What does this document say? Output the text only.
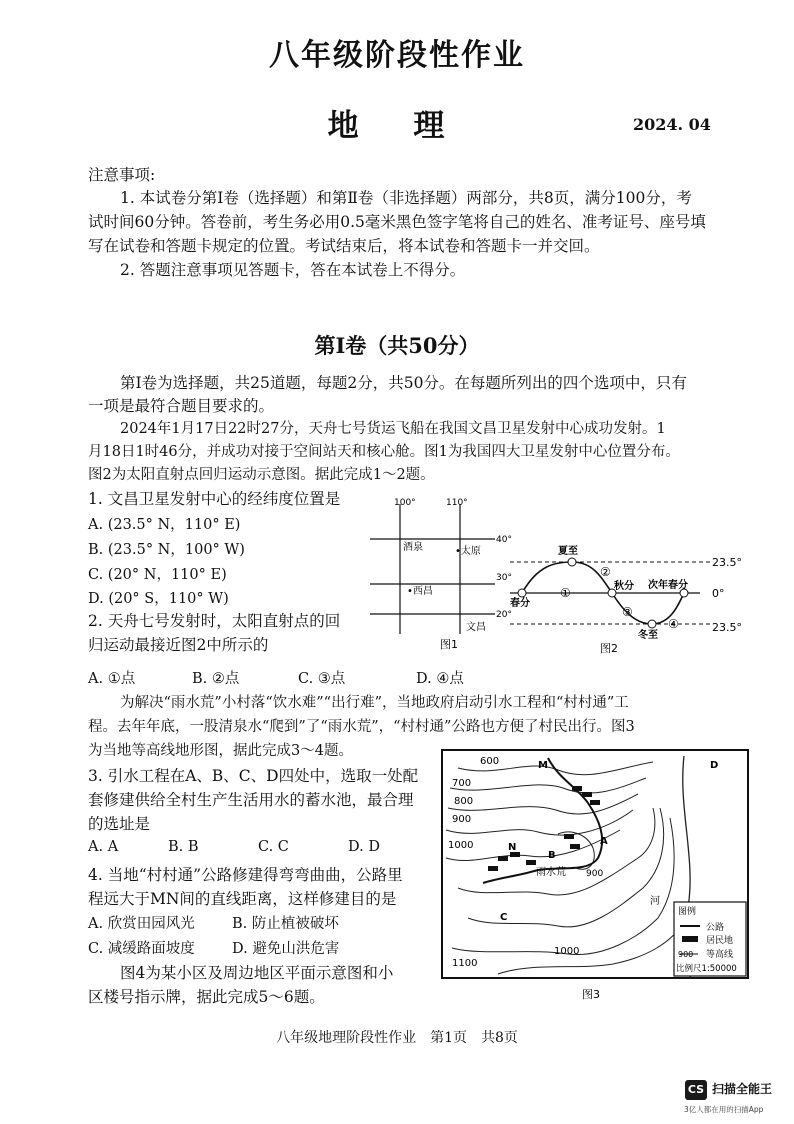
八年级阶段性作业
地 理	2024. 04
注意事项:
1. 本试卷分第Ⅰ卷（选择题）和第Ⅱ卷（非选择题）两部分，共8页，满分100分，考
试时间60分钟。答卷前，考生务必用0.5毫米黑色签字笔将自己的姓名、准考证号、座号填
写在试卷和答题卡规定的位置。考试结束后，将本试卷和答题卡一并交回。
2. 答题注意事项见答题卡，答在本试卷上不得分。
第Ⅰ卷（共50分）
第Ⅰ卷为选择题，共25道题，每题2分，共50分。在每题所列出的四个选项中，只有
一项是最符合题目要求的。
2024年1月17日22时27分，天舟七号货运飞船在我国文昌卫星发射中心成功发射。1
月18日1时46分，并成功对接于空间站天和核心舱。图1为我国四大卫星发射中心位置分布。
图2为太阳直射点回归运动示意图。据此完成1～2题。
1. 文昌卫星发射中心的经纬度位置是
A. (23.5° N，110° E)
B. (23.5° N，100° W)
C. (20° N，110° E)
D. (20° S，110° W)
2. 天舟七号发射时，太阳直射点的回
归运动最接近图2中所示的
A. ①点	B. ②点	C. ③点	D. ④点
100°	110°
40°
30°
20°
酒泉	•太原
•西昌
文昌
图1
23.5°
0°
23.5°
夏至
秋分 次年春分
春分
冬至
①
②
③
④
图2
为解决“雨水荒”小村落“饮水难”“出行难”，当地政府启动引水工程和“村村通”工
程。去年年底，一股清泉水“爬到”了“雨水荒”，“村村通”公路也方便了村民出行。图3
为当地等高线地形图，据此完成3～4题。
3. 引水工程在A、B、C、D四处中，选取一处配
套修建供给全村生产生活用水的蓄水池，最合理
的选址是
A. A	B. B	C. C	D. D
4. 当地“村村通”公路修建得弯弯曲曲，公路里
程远大于MN间的直线距离，这样修建目的是
A. 欣赏田园风光	B. 防止植被破坏
C. 减缓路面坡度	D. 避免山洪危害
图4为某小区及周边地区平面示意图和小
区楼号指示牌，据此完成5～6题。
600
700
800
900
1000
1100
1000
900
M
N
A
B
C
D
雨水荒
河
图例
公路
居民地
900 等高线
比例尺1:50000
图3
八年级地理阶段性作业　第1页　共8页
CS 扫描全能王
3亿人都在用的扫描App
